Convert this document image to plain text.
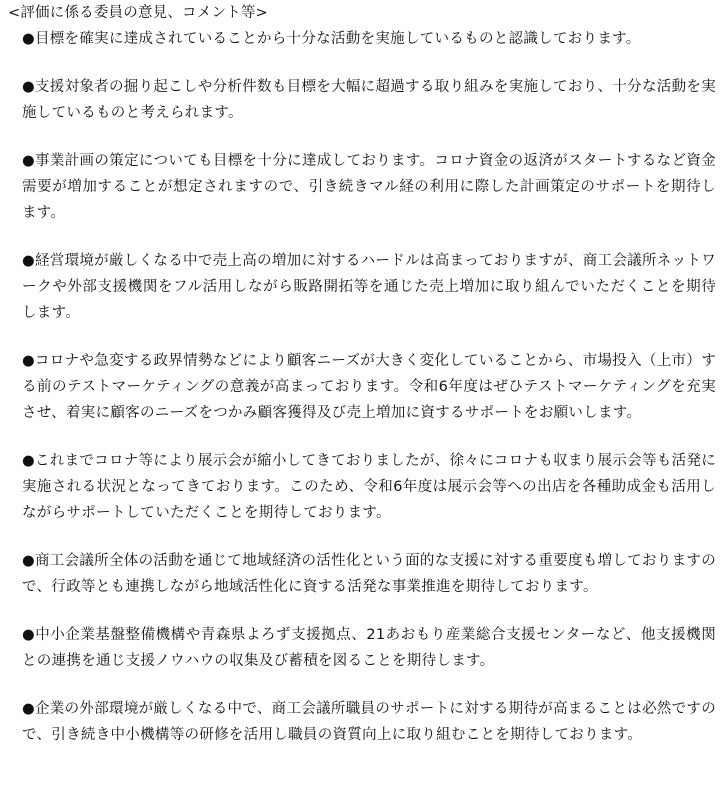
<評価に係る委員の意見、コメント等>

●目標を確実に達成されていることから十分な活動を実施しているものと認識しております。

●支援対象者の掘り起こしや分析件数も目標を大幅に超過する取り組みを実施しており、十分な活動を実施しているものと考えられます。

●事業計画の策定についても目標を十分に達成しております。コロナ資金の返済がスタートするなど資金需要が増加することが想定されますので、引き続きマル経の利用に際した計画策定のサポートを期待します。

●経営環境が厳しくなる中で売上高の増加に対するハードルは高まっておりますが、商工会議所ネットワークや外部支援機関をフル活用しながら販路開拓等を通じた売上増加に取り組んでいただくことを期待します。

●コロナや急変する政界情勢などにより顧客ニーズが大きく変化していることから、市場投入（上市）する前のテストマーケティングの意義が高まっております。令和6年度はぜひテストマーケティングを充実させ、着実に顧客のニーズをつかみ顧客獲得及び売上増加に資するサポートをお願いします。

●これまでコロナ等により展示会が縮小してきておりましたが、徐々にコロナも収まり展示会等も活発に実施される状況となってきております。このため、令和6年度は展示会等への出店を各種助成金も活用しながらサポートしていただくことを期待しております。

●商工会議所全体の活動を通じて地域経済の活性化という面的な支援に対する重要度も増しておりますので、行政等とも連携しながら地域活性化に資する活発な事業推進を期待しております。

●中小企業基盤整備機構や青森県よろず支援拠点、21あおもり産業総合支援センターなど、他支援機関との連携を通じ支援ノウハウの収集及び蓄積を図ることを期待します。

●企業の外部環境が厳しくなる中で、商工会議所職員のサポートに対する期待が高まることは必然ですので、引き続き中小機構等の研修を活用し職員の資質向上に取り組むことを期待しております。
